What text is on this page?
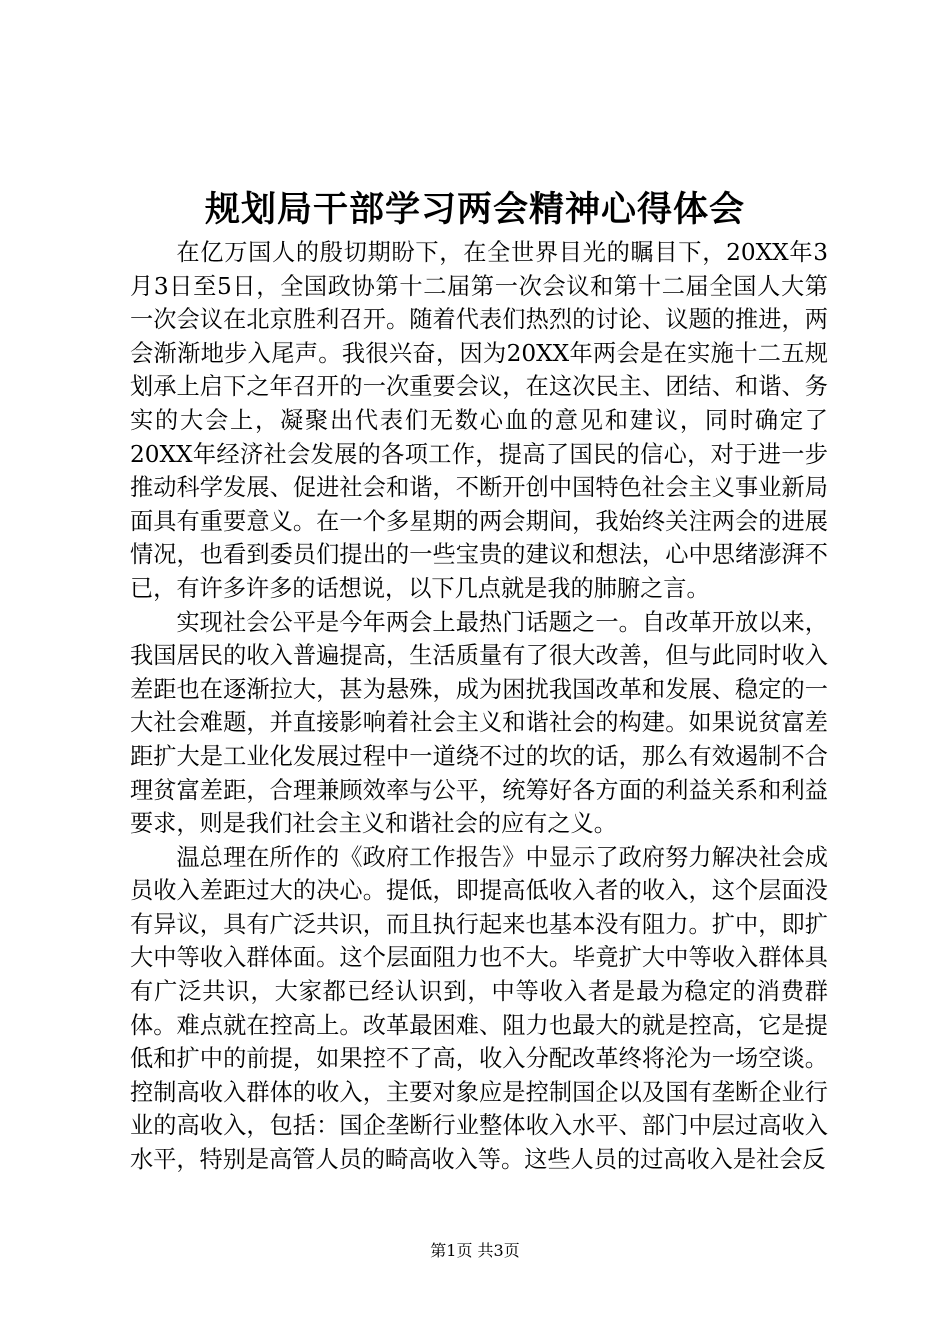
规划局干部学习两会精神心得体会

在亿万国人的殷切期盼下，在全世界目光的瞩目下，20XX年3月3日至5日，全国政协第十二届第一次会议和第十二届全国人大第一次会议在北京胜利召开。随着代表们热烈的讨论、议题的推进，两会渐渐地步入尾声。我很兴奋，因为20XX年两会是在实施十二五规划承上启下之年召开的一次重要会议，在这次民主、团结、和谐、务实的大会上，凝聚出代表们无数心血的意见和建议，同时确定了20XX年经济社会发展的各项工作，提高了国民的信心，对于进一步推动科学发展、促进社会和谐，不断开创中国特色社会主义事业新局面具有重要意义。在一个多星期的两会期间，我始终关注两会的进展情况，也看到委员们提出的一些宝贵的建议和想法，心中思绪澎湃不已，有许多许多的话想说，以下几点就是我的肺腑之言。

实现社会公平是今年两会上最热门话题之一。自改革开放以来，我国居民的收入普遍提高，生活质量有了很大改善，但与此同时收入差距也在逐渐拉大，甚为悬殊，成为困扰我国改革和发展、稳定的一大社会难题，并直接影响着社会主义和谐社会的构建。如果说贫富差距扩大是工业化发展过程中一道绕不过的坎的话，那么有效遏制不合理贫富差距，合理兼顾效率与公平，统筹好各方面的利益关系和利益要求，则是我们社会主义和谐社会的应有之义。

温总理在所作的《政府工作报告》中显示了政府努力解决社会成员收入差距过大的决心。提低，即提高低收入者的收入，这个层面没有异议，具有广泛共识，而且执行起来也基本没有阻力。扩中，即扩大中等收入群体面。这个层面阻力也不大。毕竟扩大中等收入群体具有广泛共识，大家都已经认识到，中等收入者是最为稳定的消费群体。难点就在控高上。改革最困难、阻力也最大的就是控高，它是提低和扩中的前提，如果控不了高，收入分配改革终将沦为一场空谈。控制高收入群体的收入，主要对象应是控制国企以及国有垄断企业行业的高收入，包括：国企垄断行业整体收入水平、部门中层过高收入水平，特别是高管人员的畸高收入等。这些人员的过高收入是社会反

第1页 共3页
